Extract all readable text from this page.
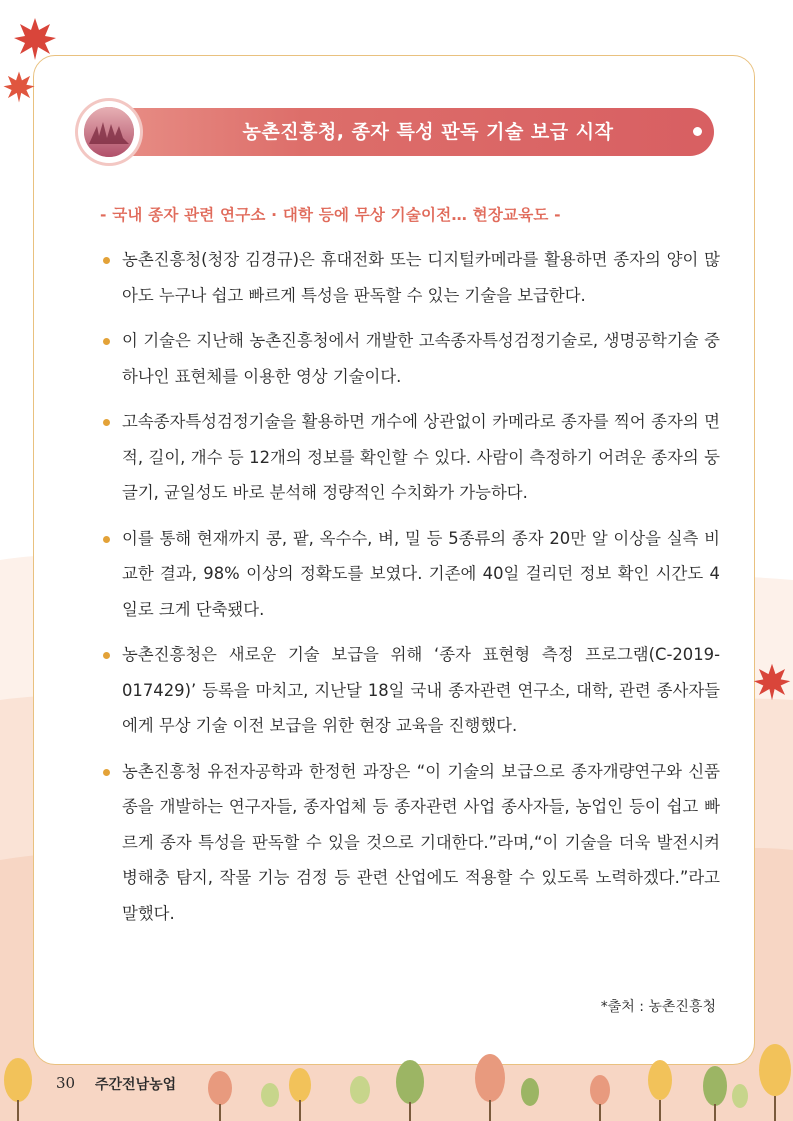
농촌진흥청, 종자 특성 판독 기술 보급 시작
- 국내 종자 관련 연구소 · 대학 등에 무상 기술이전… 현장교육도 -
농촌진흥청(청장 김경규)은 휴대전화 또는 디지털카메라를 활용하면 종자의 양이 많아도 누구나 쉽고 빠르게 특성을 판독할 수 있는 기술을 보급한다.
이 기술은 지난해 농촌진흥청에서 개발한 고속종자특성검정기술로, 생명공학기술 중 하나인 표현체를 이용한 영상 기술이다.
고속종자특성검정기술을 활용하면 개수에 상관없이 카메라로 종자를 찍어 종자의 면적, 길이, 개수 등 12개의 정보를 확인할 수 있다. 사람이 측정하기 어려운 종자의 둥글기, 균일성도 바로 분석해 정량적인 수치화가 가능하다.
이를 통해 현재까지 콩, 팥, 옥수수, 벼, 밀 등 5종류의 종자 20만 알 이상을 실측 비교한 결과, 98% 이상의 정확도를 보였다. 기존에 40일 걸리던 정보 확인 시간도 4일로 크게 단축됐다.
농촌진흥청은 새로운 기술 보급을 위해 ‘종자 표현형 측정 프로그램(C-2019-017429)’ 등록을 마치고, 지난달 18일 국내 종자관련 연구소, 대학, 관련 종사자들에게 무상 기술 이전 보급을 위한 현장 교육을 진행했다.
농촌진흥청 유전자공학과 한정헌 과장은 “이 기술의 보급으로 종자개량연구와 신품종을 개발하는 연구자들, 종자업체 등 종자관련 사업 종사자들, 농업인 등이 쉽고 빠르게 종자 특성을 판독할 수 있을 것으로 기대한다.”라며,“이 기술을 더욱 발전시켜 병해충 탐지, 작물 기능 검정 등 관련 산업에도 적용할 수 있도록 노력하겠다.”라고 말했다.
*출처 : 농촌진흥청
30 주간전남농업
